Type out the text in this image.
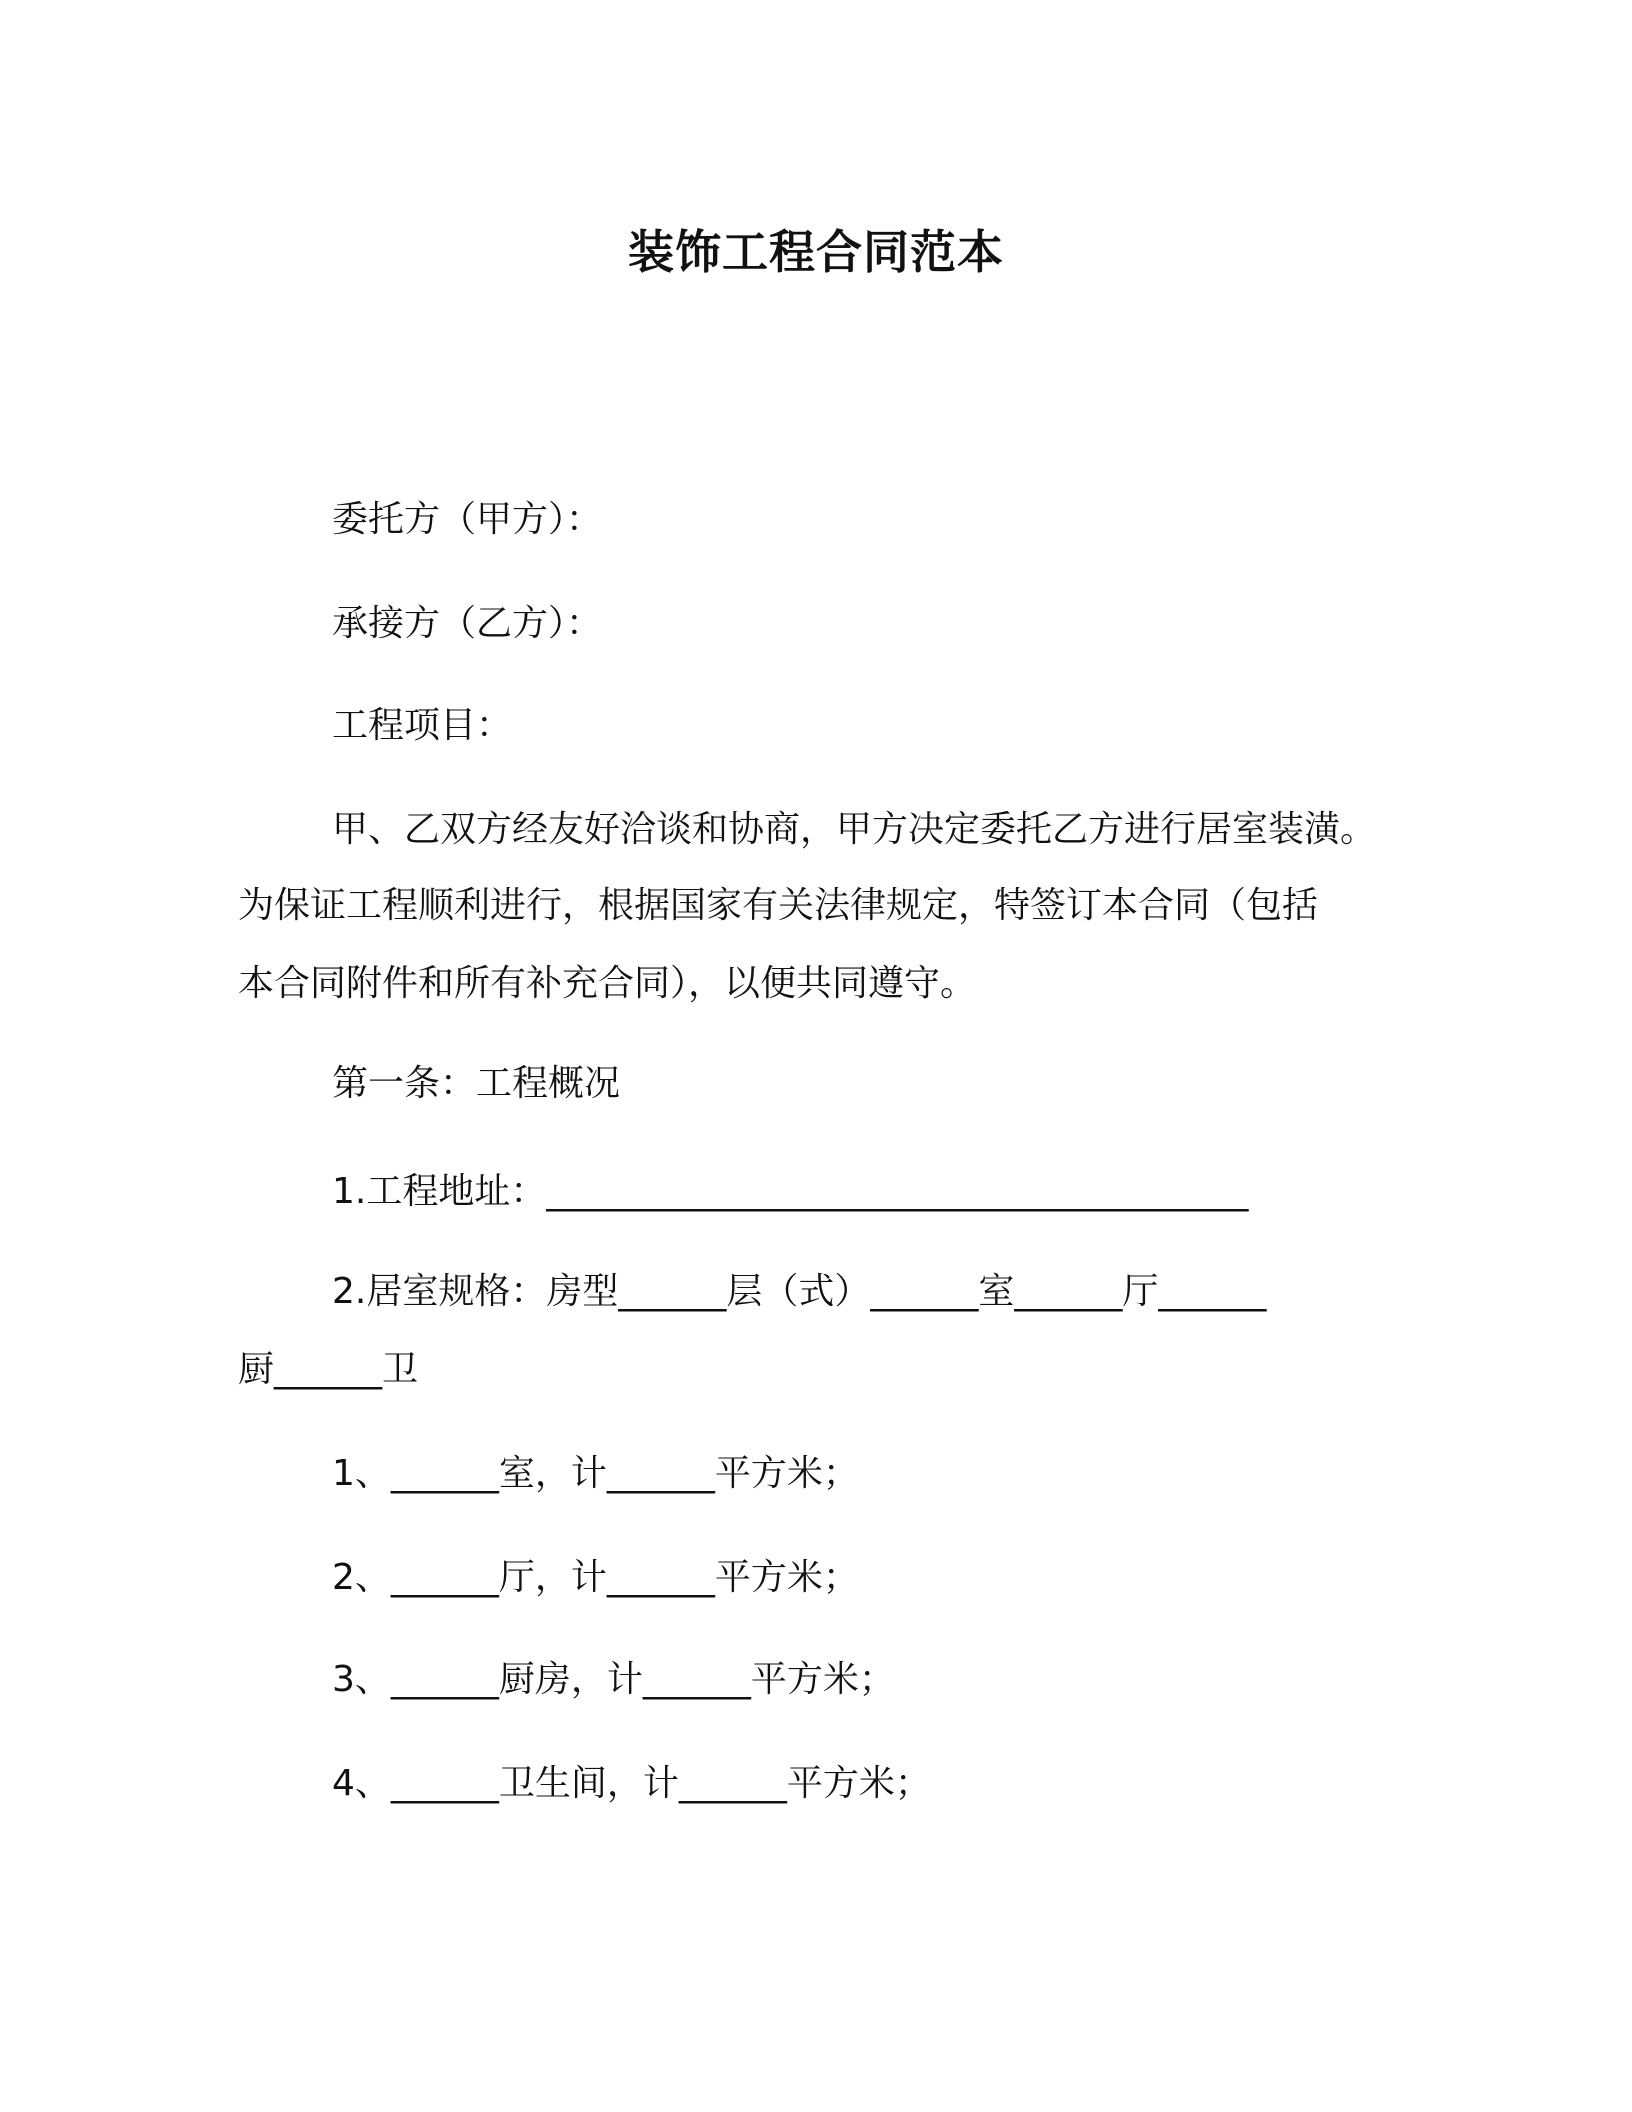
装饰工程合同范本
委托方（甲方）：
承接方（乙方）：
工程项目：
甲、乙双方经友好洽谈和协商，甲方决定委托乙方进行居室装潢。
为保证工程顺利进行，根据国家有关法律规定，特签订本合同（包括
本合同附件和所有补充合同），以便共同遵守。
第一条：工程概况
1.工程地址：_______________________________________
2.居室规格：房型______层（式）______室______厅______
厨______卫
1、______室，计______平方米；
2、______厅，计______平方米；
3、______厨房，计______平方米；
4、______卫生间，计______平方米；
